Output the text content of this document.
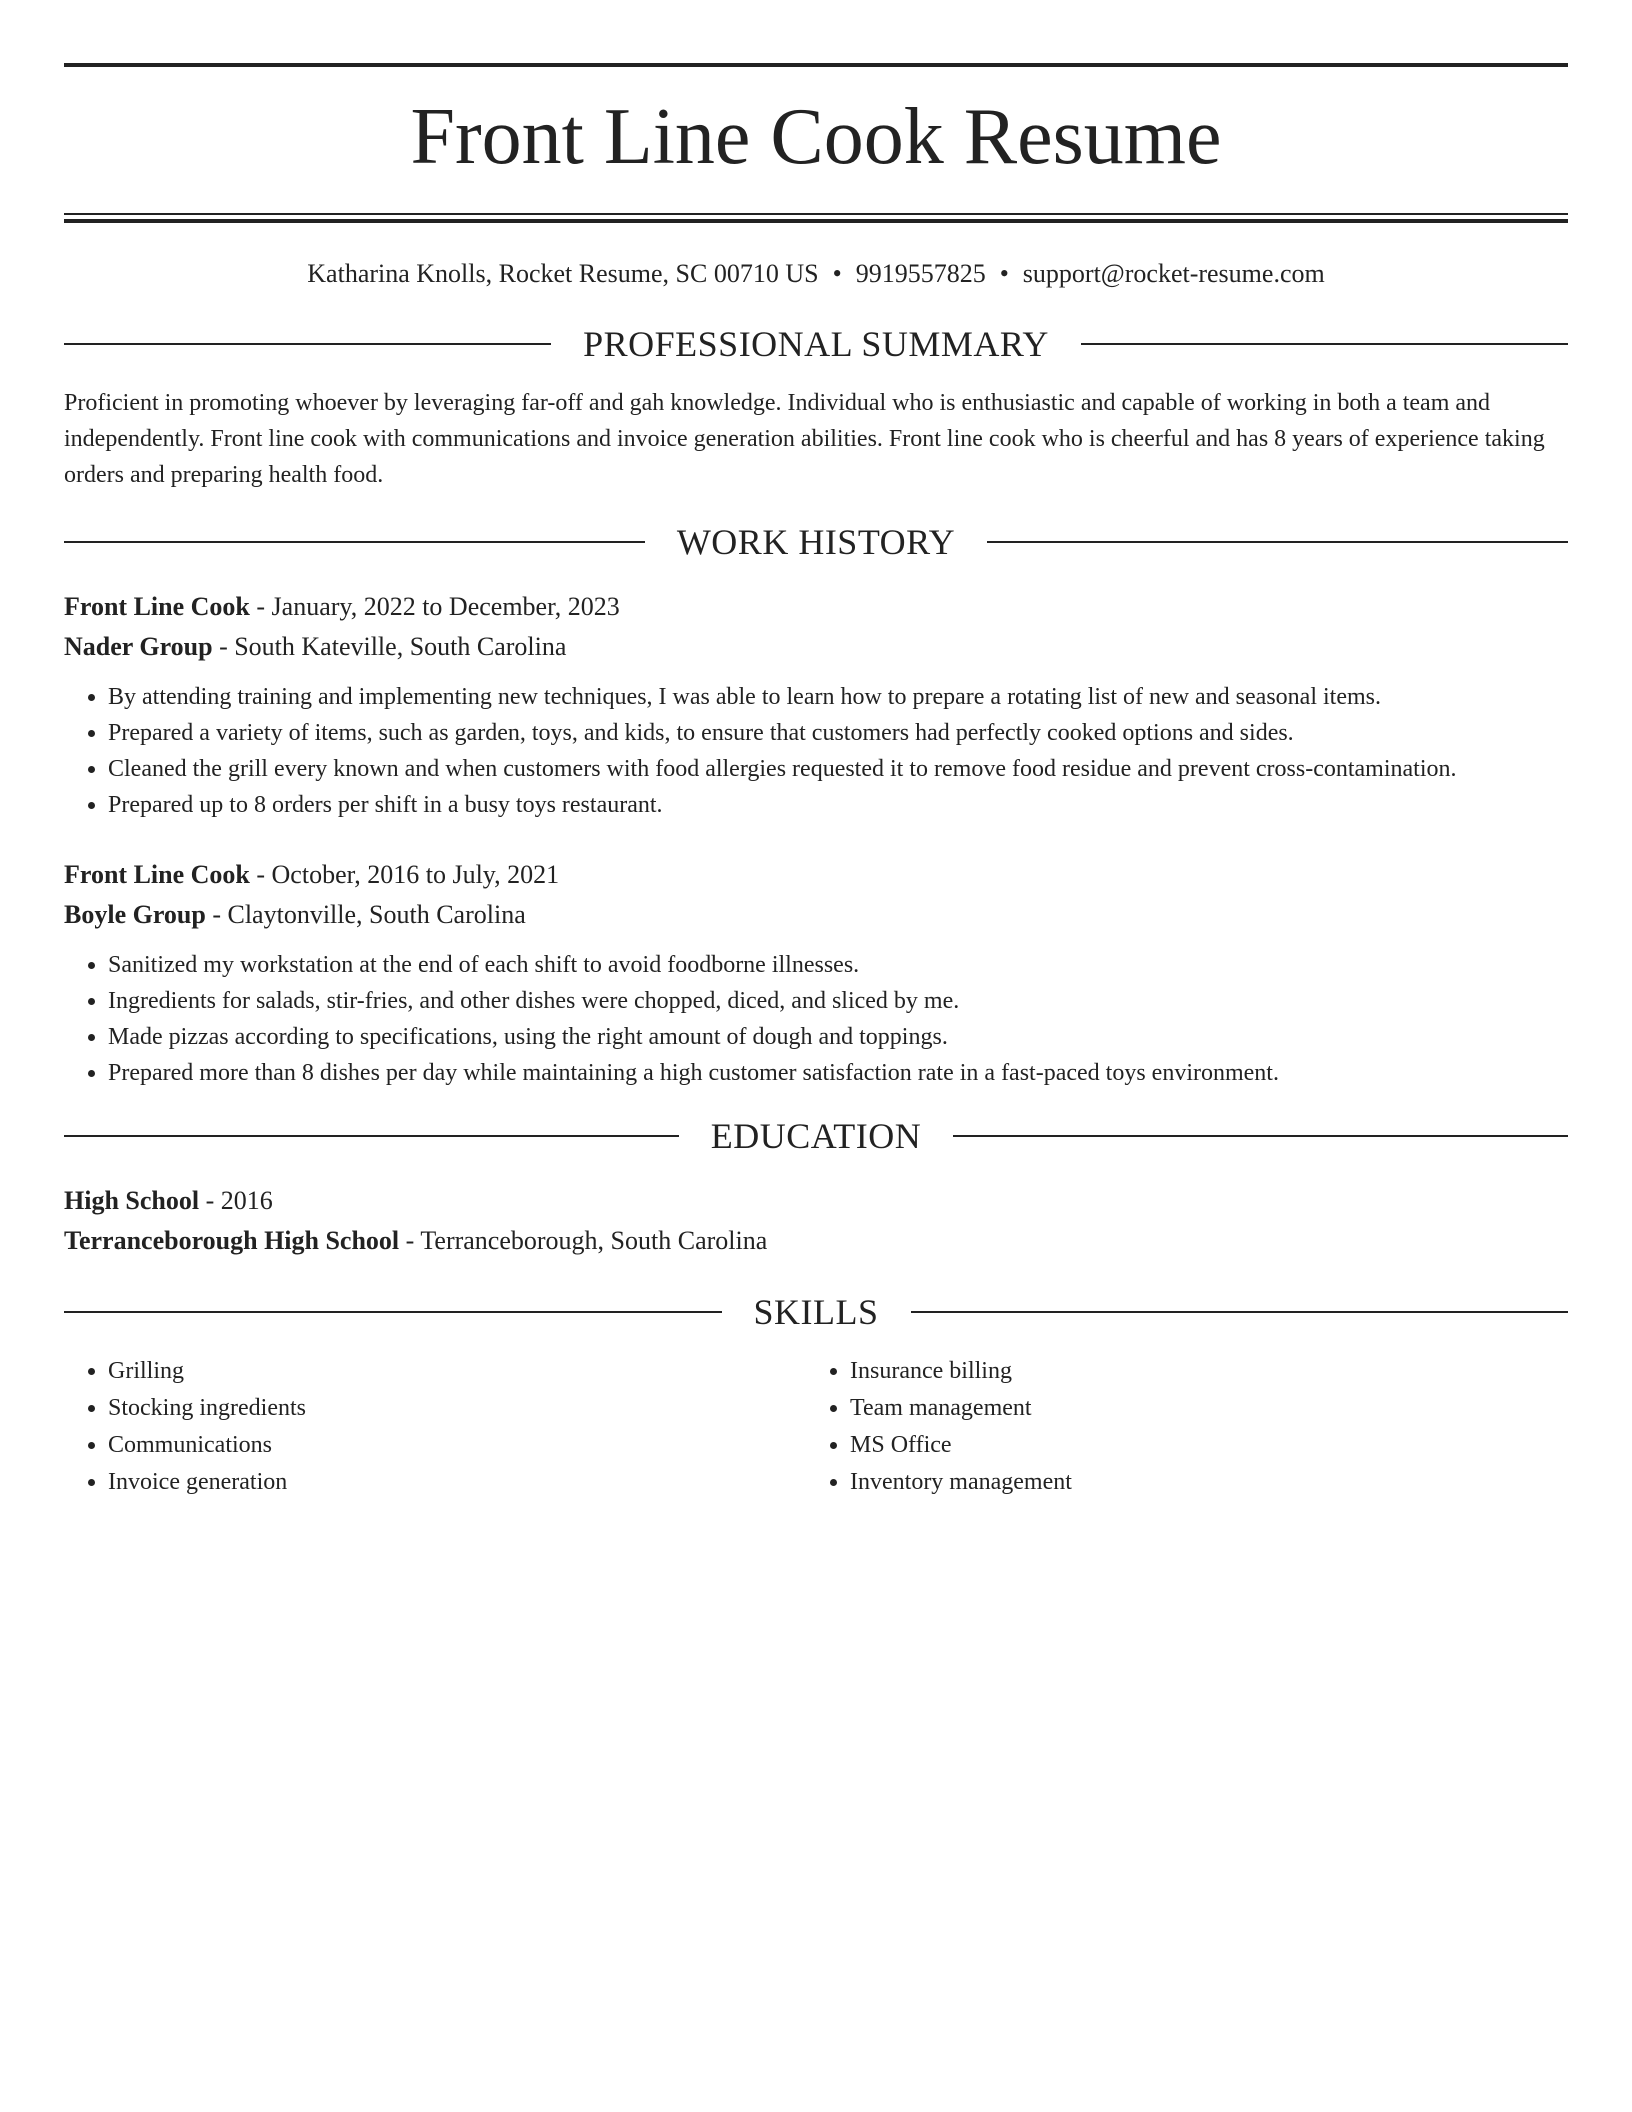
Front Line Cook Resume
Katharina Knolls, Rocket Resume, SC 00710 US • 9919557825 • support@rocket-resume.com
PROFESSIONAL SUMMARY

Proficient in promoting whoever by leveraging far-off and gah knowledge. Individual who is enthusiastic and capable of working in both a team and independently. Front line cook with communications and invoice generation abilities. Front line cook who is cheerful and has 8 years of experience taking orders and preparing health food.

WORK HISTORY
Front Line Cook - January, 2022 to December, 2023
Nader Group - South Kateville, South Carolina
• By attending training and implementing new techniques, I was able to learn how to prepare a rotating list of new and seasonal items.
• Prepared a variety of items, such as garden, toys, and kids, to ensure that customers had perfectly cooked options and sides.
• Cleaned the grill every known and when customers with food allergies requested it to remove food residue and prevent cross-contamination.
• Prepared up to 8 orders per shift in a busy toys restaurant.
Front Line Cook - October, 2016 to July, 2021
Boyle Group - Claytonville, South Carolina
• Sanitized my workstation at the end of each shift to avoid foodborne illnesses.
• Ingredients for salads, stir-fries, and other dishes were chopped, diced, and sliced by me.
• Made pizzas according to specifications, using the right amount of dough and toppings.
• Prepared more than 8 dishes per day while maintaining a high customer satisfaction rate in a fast-paced toys environment.
EDUCATION
High School - 2016
Terranceborough High School - Terranceborough, South Carolina
SKILLS
• Grilling
• Stocking ingredients
• Communications
• Invoice generation
• Insurance billing
• Team management
• MS Office
• Inventory management
